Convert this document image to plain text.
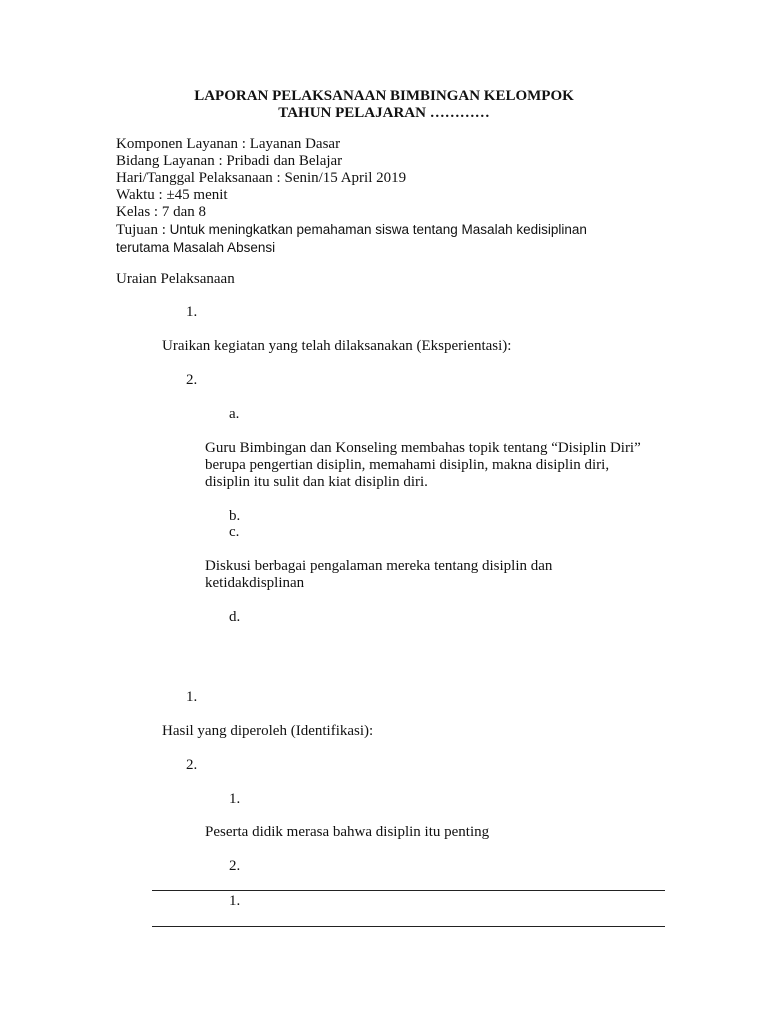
LAPORAN PELAKSANAAN BIMBINGAN KELOMPOK
TAHUN PELAJARAN …………
Komponen Layanan : Layanan Dasar
Bidang Layanan : Pribadi dan Belajar
Hari/Tanggal Pelaksanaan : Senin/15 April 2019
Waktu : ±45 menit
Kelas : 7 dan 8
Tujuan : Untuk meningkatkan pemahaman siswa tentang Masalah kedisiplinan
terutama Masalah Absensi
Uraian Pelaksanaan
1.
Uraikan kegiatan yang telah dilaksanakan (Eksperientasi):
2.
a.
Guru Bimbingan dan Konseling membahas topik tentang “Disiplin Diri”
berupa pengertian disiplin, memahami disiplin, makna disiplin diri,
disiplin itu sulit dan kiat disiplin diri.
b.
c.
Diskusi berbagai pengalaman mereka tentang disiplin dan
ketidakdisplinan
d.
1.
Hasil yang diperoleh (Identifikasi):
2.
1.
Peserta didik merasa bahwa disiplin itu penting
2.
1.
